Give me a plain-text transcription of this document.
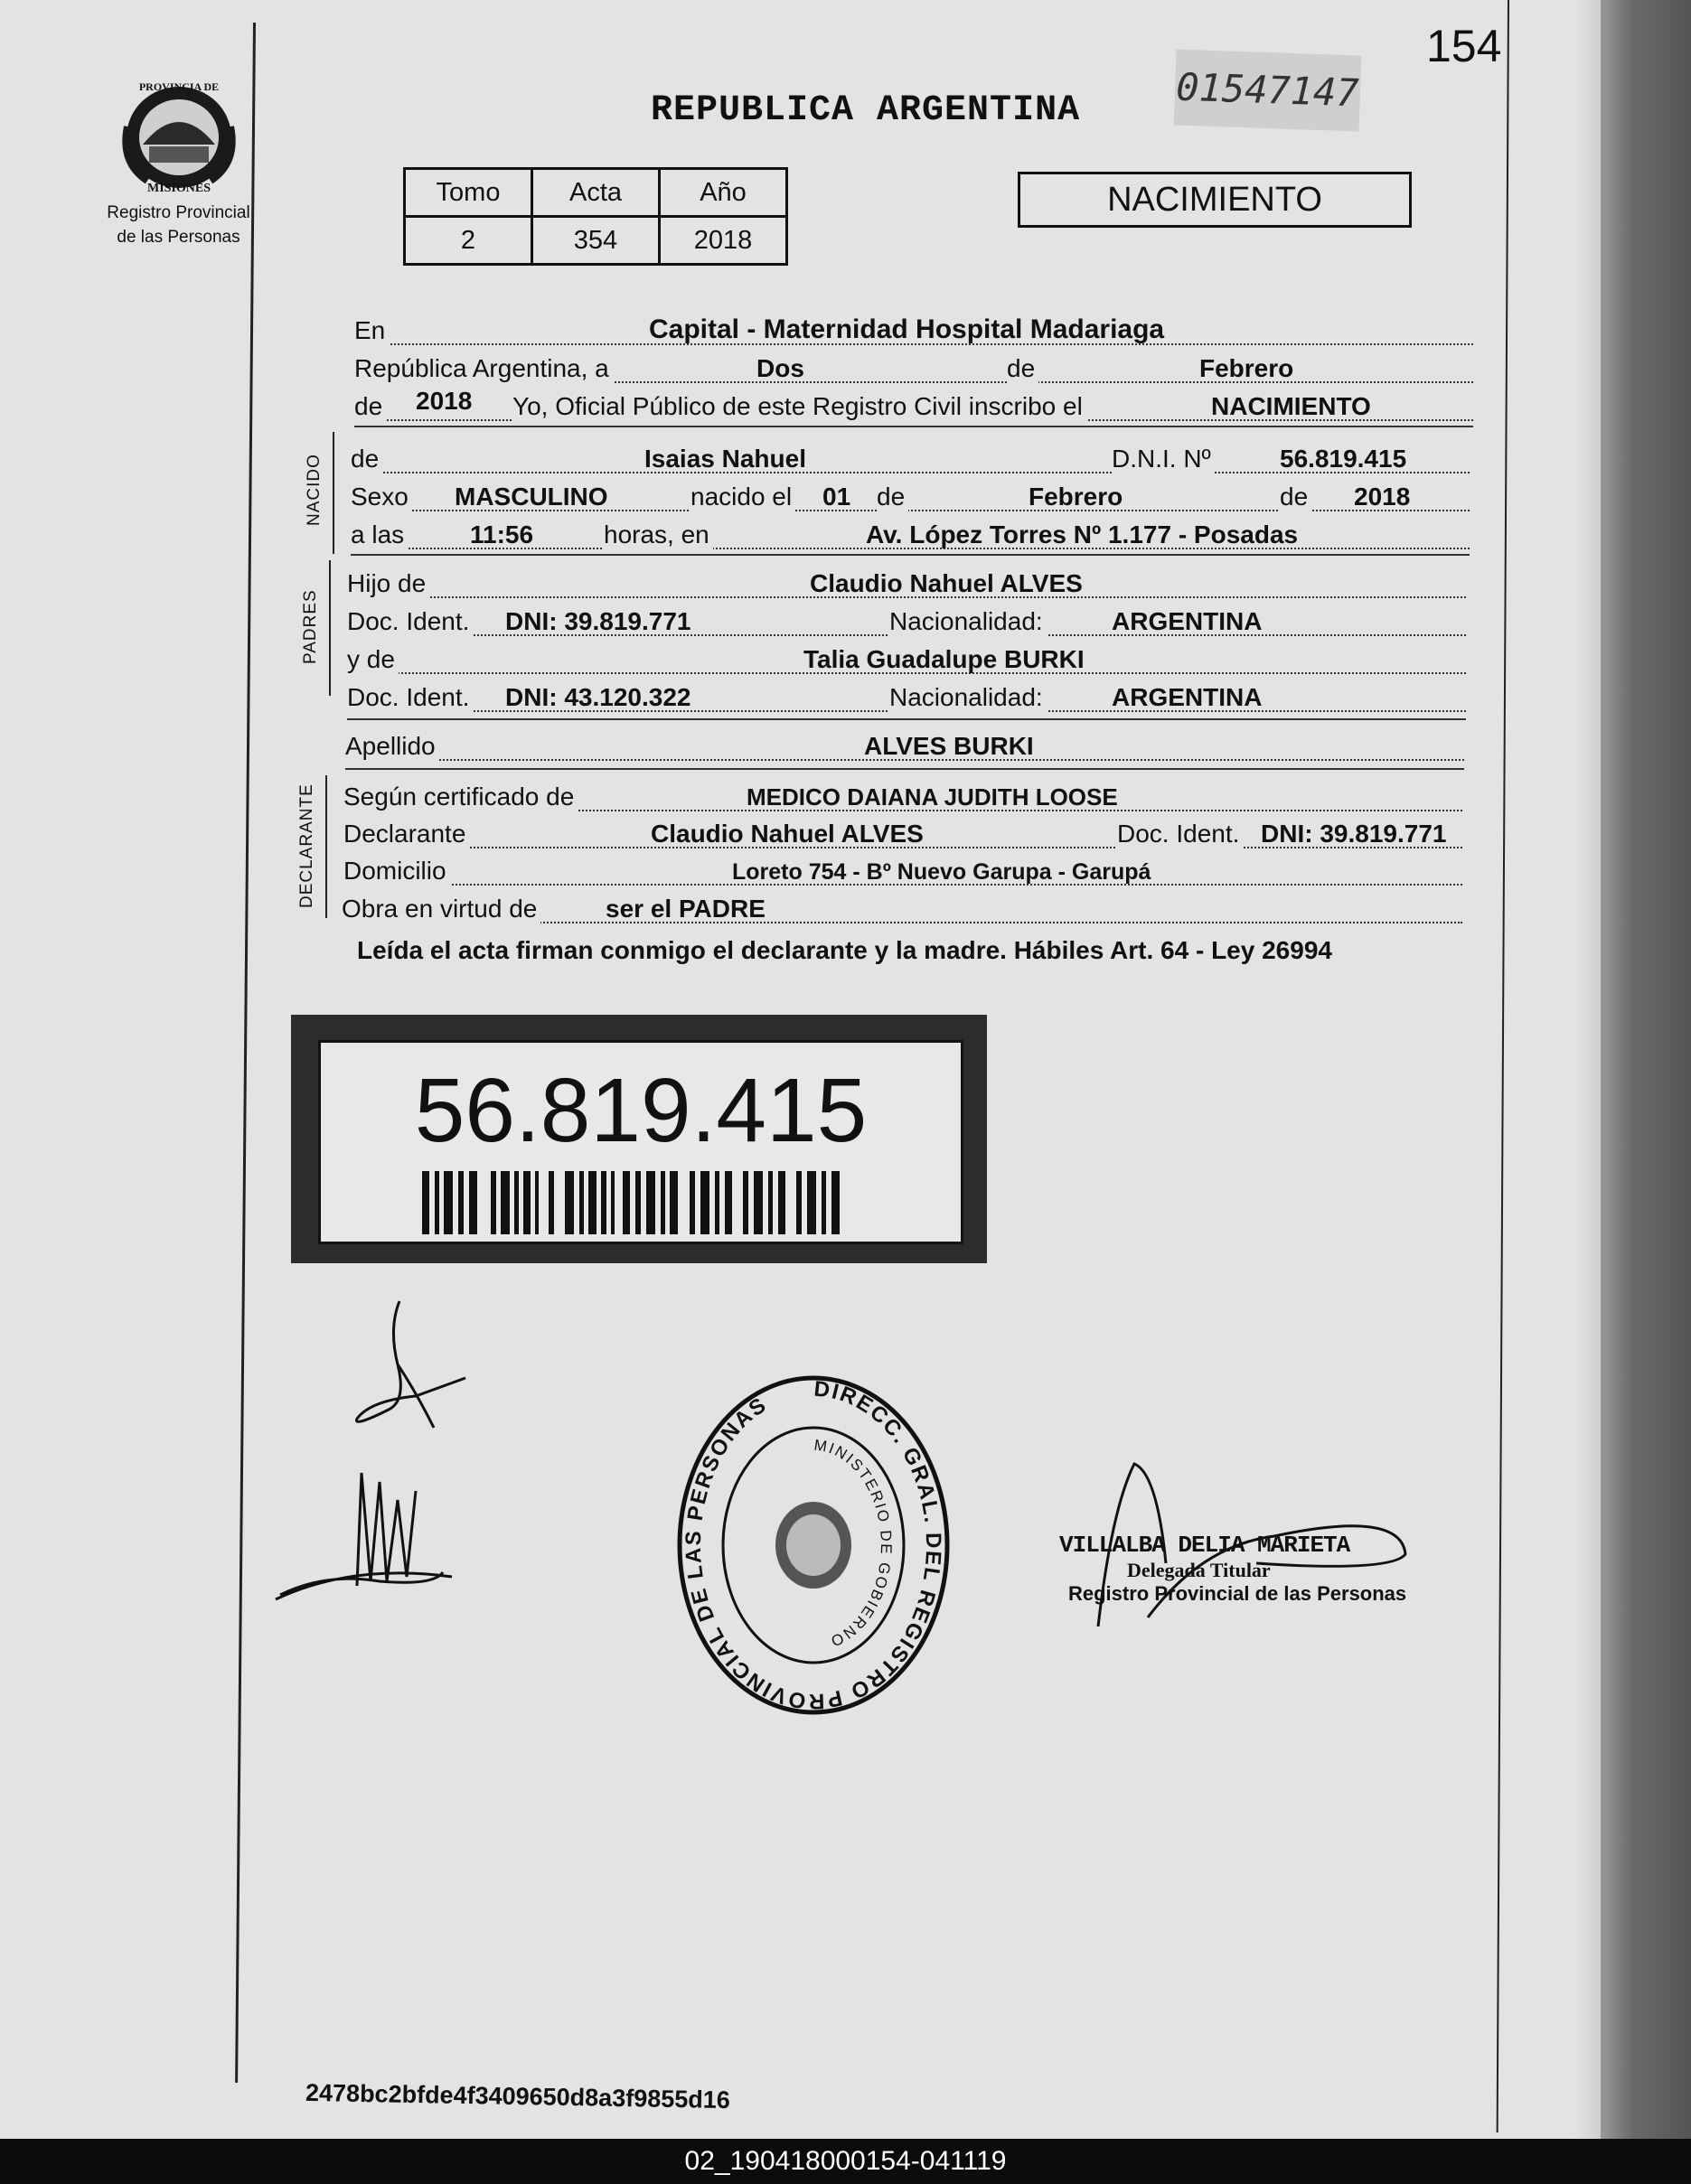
154
01547147
REPUBLICA ARGENTINA
PROVINCIA DE
MISIONES
Registro Provincial
de las Personas
Tomo	Acta	Año
2	354	2018
NACIMIENTO
En	Capital - Maternidad Hospital Madariaga
República Argentina, a	Dos	de	Febrero
de 2018 Yo, Oficial Público de este Registro Civil inscribo el	NACIMIENTO
NACIDO de	Isaias Nahuel	D.N.I. Nº	56.819.415
Sexo MASCULINO	nacido el 01 de	Febrero	de 2018
a las	11:56	horas, en	Av. López Torres Nº 1.177 - Posadas
PADRES
Hijo de	Claudio Nahuel ALVES
Doc. Ident. DNI: 39.819.771	Nacionalidad:	ARGENTINA
y de	Talia Guadalupe BURKI
Doc. Ident. DNI: 43.120.322	Nacionalidad:	ARGENTINA
Apellido	ALVES BURKI
DECLARANTE Según certificado de	MEDICO DAIANA JUDITH LOOSE
Declarante	Claudio Nahuel ALVES	Doc. Ident. DNI: 39.819.771
Domicilio	Loreto 754 - Bº Nuevo Garupa - Garupá
Obra en virtud de	ser el PADRE
Leída el acta firman conmigo el declarante y la madre. Hábiles Art. 64 - Ley 26994
56.819.415
DIRECC. GRAL. DEL REGISTRO PROVINCIAL DE LAS PERSONAS
MINISTERIO DE GOBIERNO
VILLALBA DELIA MARIETA
Delegada Titular
Registro Provincial de las Personas
2478bc2bfde4f3409650d8a3f9855d16
02_190418000154-041119
